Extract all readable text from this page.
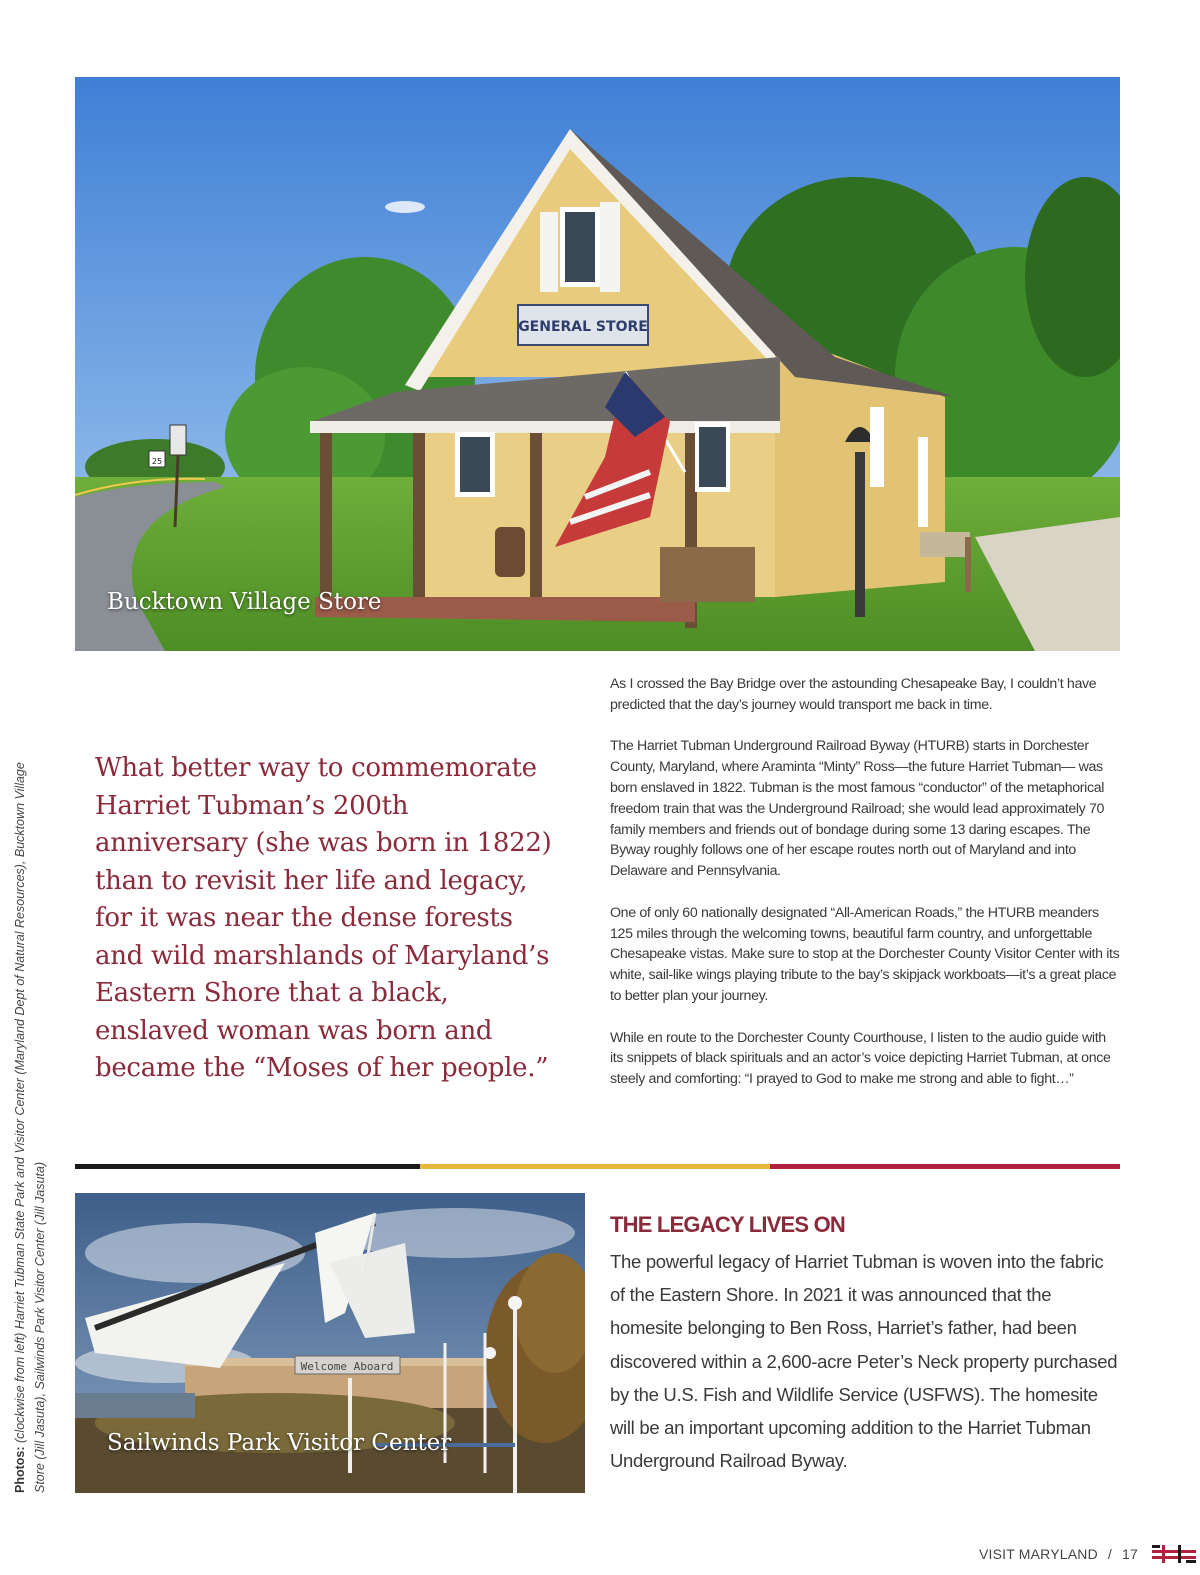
25
GENERAL STORE
Bucktown Village Store
What better way to commemorate Harriet Tubman’s 200th anniversary (she was born in 1822) than to revisit her life and legacy, for it was near the dense forests and wild marshlands of Maryland’s Eastern Shore that a black, enslaved woman was born and became the “Moses of her people.”

As I crossed the Bay Bridge over the astounding Chesapeake Bay, I couldn’t have predicted that the day’s journey would transport me back in time.

The Harriet Tubman Underground Railroad Byway (HTURB) starts in Dorchester County, Maryland, where Araminta “Minty” Ross—the future Harriet Tubman— was born enslaved in 1822. Tubman is the most famous “conductor” of the metaphorical freedom train that was the Underground Railroad; she would lead approximately 70 family members and friends out of bondage during some 13 daring escapes. The Byway roughly follows one of her escape routes north out of Maryland and into Delaware and Pennsylvania.

One of only 60 nationally designated “All-American Roads,” the HTURB meanders 125 miles through the welcoming towns, beautiful farm country, and unforgettable Chesapeake vistas. Make sure to stop at the Dorchester County Visitor Center with its white, sail-like wings playing tribute to the bay’s skipjack workboats—it’s a great place to better plan your journey.

While en route to the Dorchester County Courthouse, I listen to the audio guide with its snippets of black spirituals and an actor’s voice depicting Harriet Tubman, at once steely and comforting: “I prayed to God to make me strong and able to fight…”

Welcome Aboard
Sailwinds Park Visitor Center
THE LEGACY LIVES ON
The powerful legacy of Harriet Tubman is woven into the fabric of the Eastern Shore. In 2021 it was announced that the homesite belonging to Ben Ross, Harriet’s father, had been discovered within a 2,600-acre Peter’s Neck property purchased by the U.S. Fish and Wildlife Service (USFWS). The homesite will be an important upcoming addition to the Harriet Tubman Underground Railroad Byway.
Photos: (clockwise from left) Harriet Tubman State Park and Visitor Center (Maryland Dept of Natural Resources), Bucktown Village Store (Jill Jasuta), Sailwinds Park Visitor Center (Jill Jasuta)
VISIT MARYLAND / 17
